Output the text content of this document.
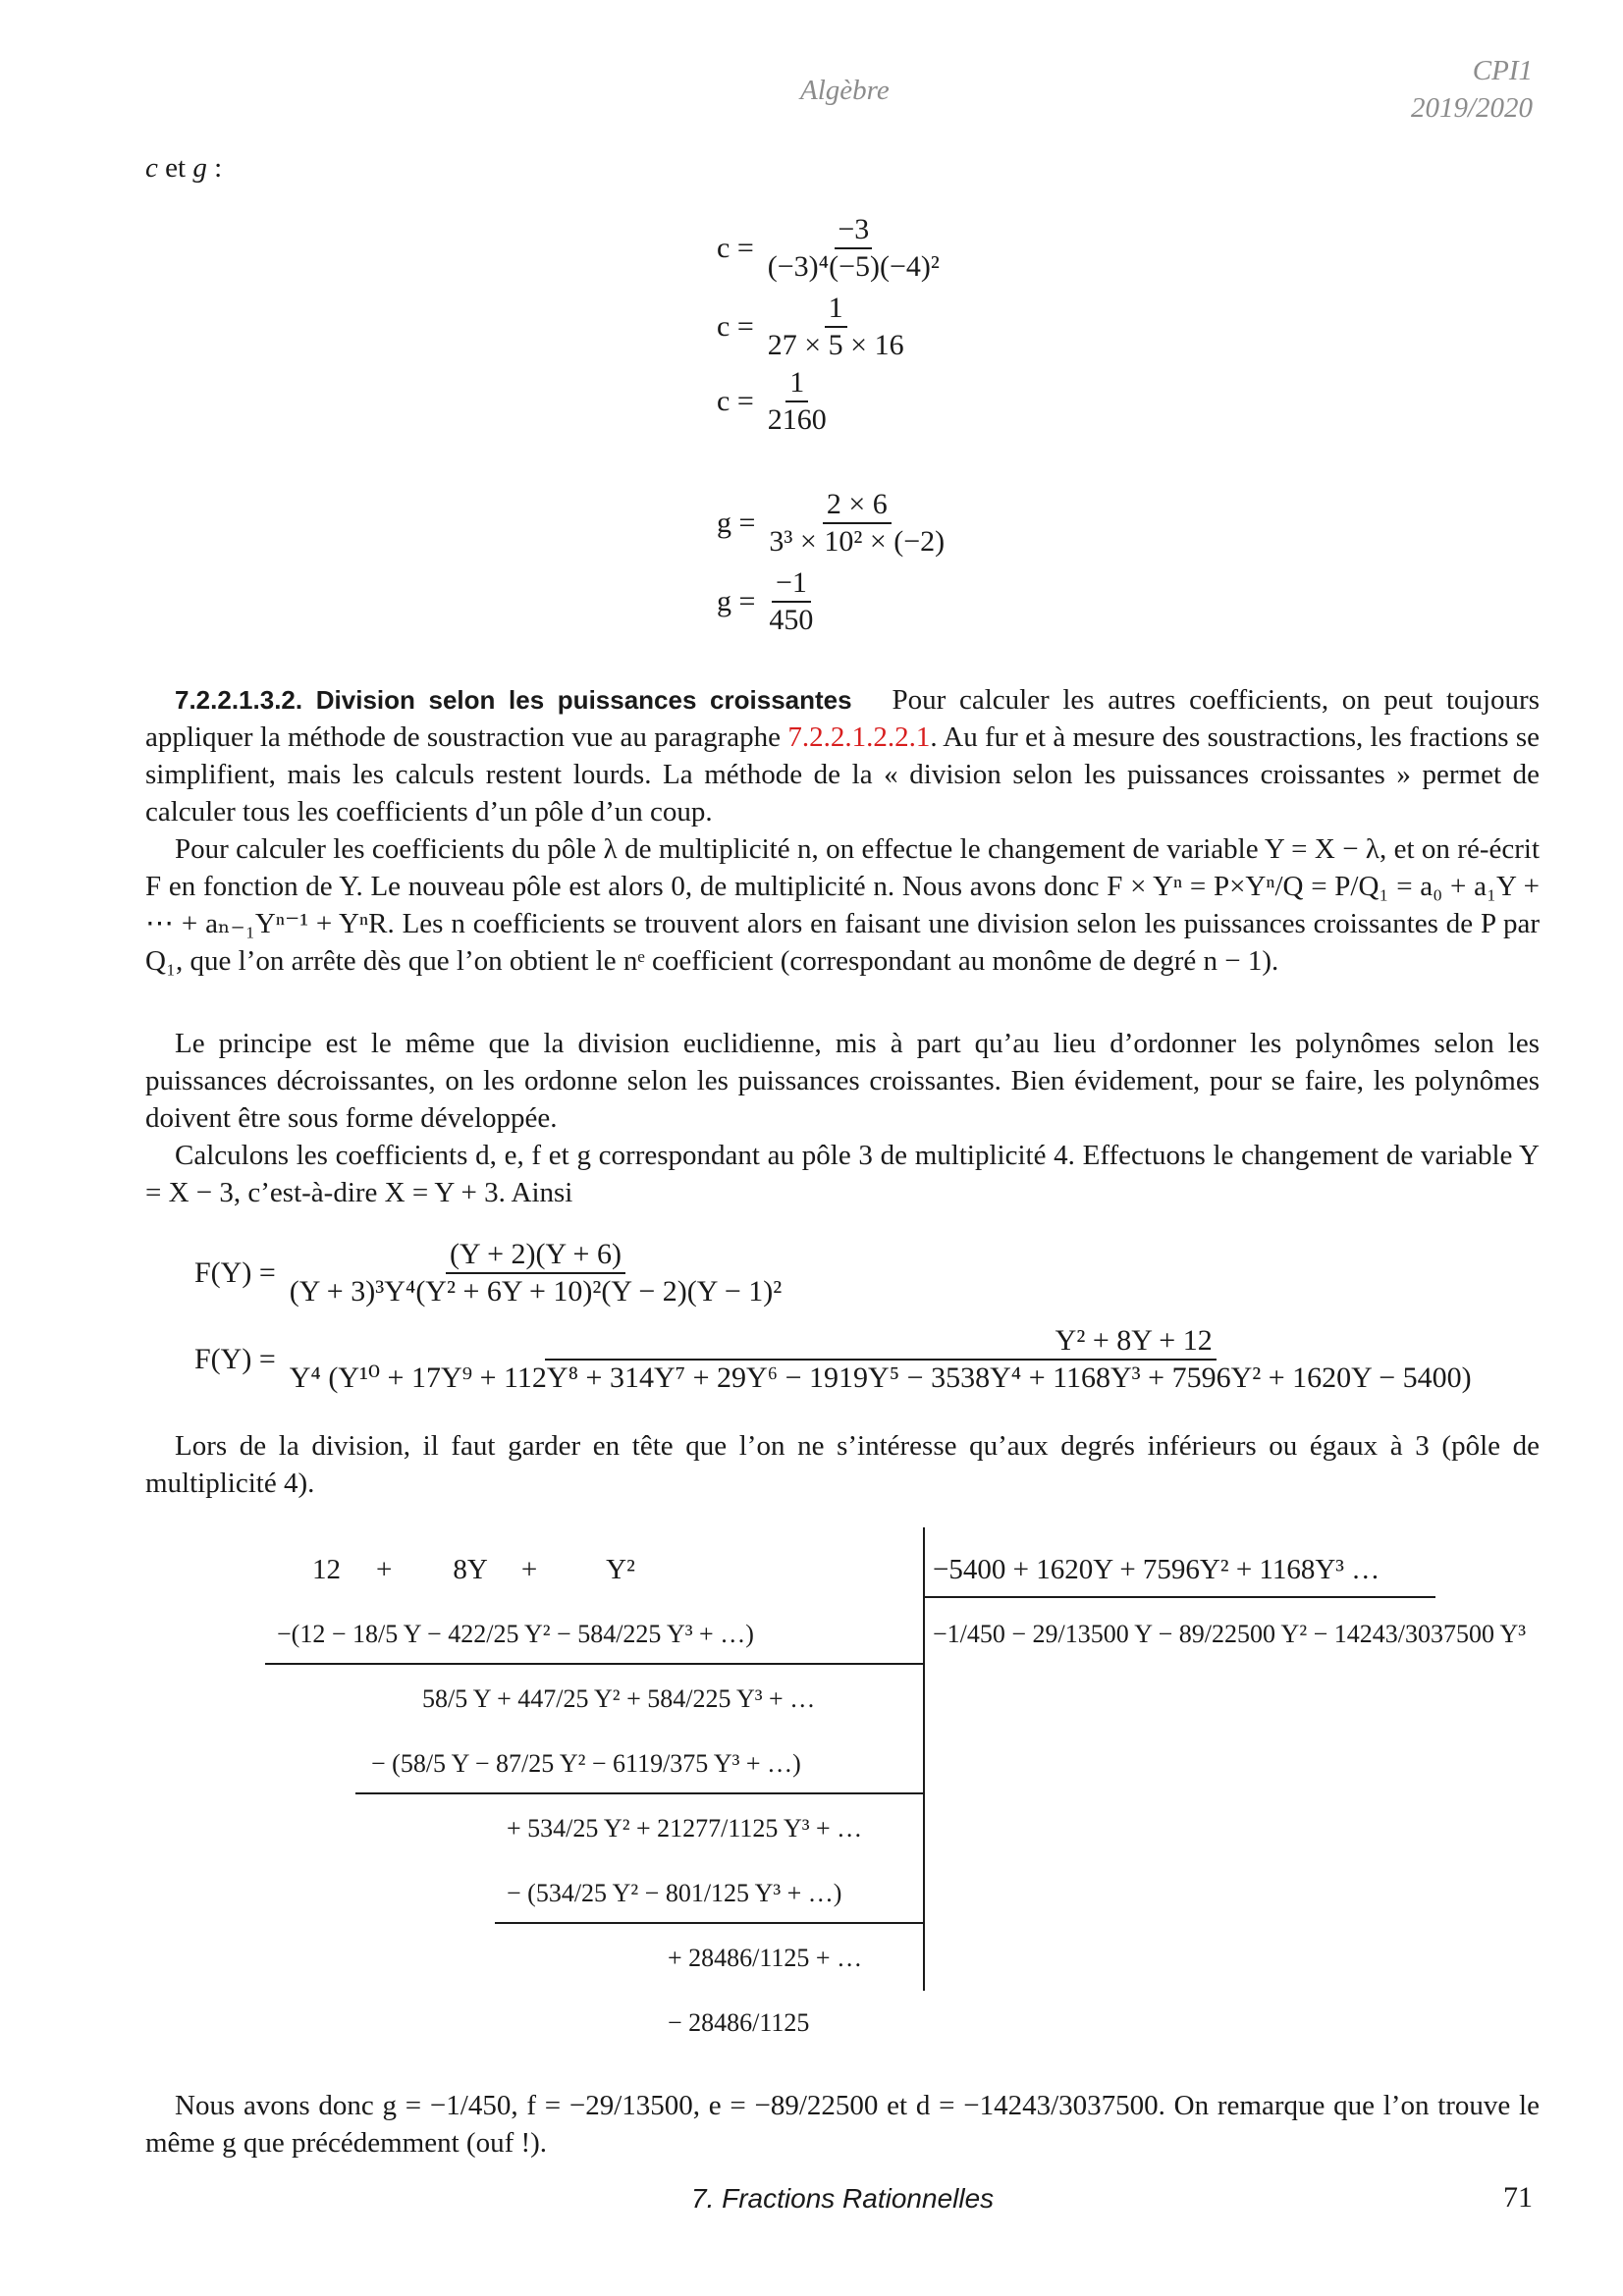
Algèbre
CPI1
2019/2020
c et g :
$c = \frac{-3}{\text{(−3)⁴(−5)(−4)²}}$
$c = \frac{1}{27 \times 5 \times 16}$
$c = \frac{1}{2160}$
$g = \frac{2 \times 6}{\text{3³ × 10² × (−2)}}$
$g = \frac{-1}{450}$
7.2.2.1.3.2. Division selon les puissances croissantes Pour calculer les autres coefficients, on peut toujours appliquer la méthode de soustraction vue au paragraphe 7.2.2.1.2.2.1. Au fur et à mesure des soustractions, les fractions se simplifient, mais les calculs restent lourds. La méthode de la « division selon les puissances croissantes » permet de calculer tous les coefficients d’un pôle d’un coup.
Pour calculer les coefficients du pôle λ de multiplicité n, on effectue le changement de variable Y = X − λ, et on ré-écrit F en fonction de Y. Le nouveau pôle est alors 0, de multiplicité n. Nous avons donc F × Yⁿ = P×Yⁿ/Q = P/Q₁ = a₀ + a₁Y + ⋯ + aₙ₋₁Yⁿ⁻¹ + YⁿR. Les n coefficients se trouvent alors en faisant une division selon les puissances croissantes de P par Q₁, que l’on arrête dès que l’on obtient le nᵉ coefficient (correspondant au monôme de degré n − 1).
Le principe est le même que la division euclidienne, mis à part qu’au lieu d’ordonner les polynômes selon les puissances décroissantes, on les ordonne selon les puissances croissantes. Bien évidement, pour se faire, les polynômes doivent être sous forme développée.
Calculons les coefficients d, e, f et g correspondant au pôle 3 de multiplicité 4. Effectuons le changement de variable Y = X − 3, c’est-à-dire X = Y + 3. Ainsi
$F(Y) = \frac{(Y + 2)(Y + 6)}{\text{(Y + 3)³Y⁴(Y² + 6Y + 10)²(Y − 2)(Y − 1)²}}$
F(Y) =
Y² + 8Y + 12
Y⁴ (Y¹⁰ + 17Y⁹ + 112Y⁸ + 314Y⁷ + 29Y⁶ − 1919Y⁵ − 3538Y⁴ + 1168Y³ + 7596Y² + 1620Y − 5400)
Lors de la division, il faut garder en tête que l’on ne s’intéresse qu’aux degrés inférieurs ou égaux à 3 (pôle de multiplicité 4).
−5400 + 1620Y + 7596Y² + 1168Y³ …
−1/450 − 29/13500 Y − 89/22500 Y² − 14243/3037500 Y³
12 + 8Y + Y²
−(12 − 18/5 Y − 422/25 Y² − 584/225 Y³ + …)
58/5 Y + 447/25 Y² + 584/225 Y³ + …
− (58/5 Y − 87/25 Y² − 6119/375 Y³ + …)
+ 534/25 Y² + 21277/1125 Y³ + …
− (534/25 Y² − 801/125 Y³ + …)
+ 28486/1125 + …
− 28486/1125
Nous avons donc g = −1/450, f = −29/13500, e = −89/22500 et d = −14243/3037500. On remarque que l’on trouve le même g que précédemment (ouf !).
7. Fractions Rationnelles	71
